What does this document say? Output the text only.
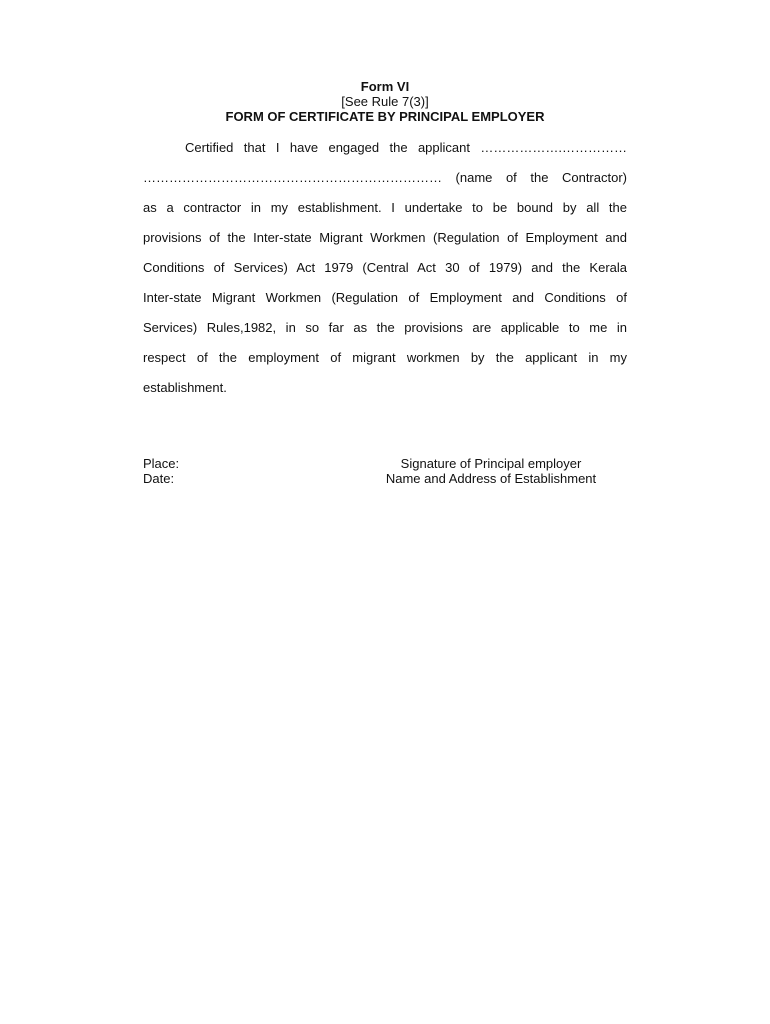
Form VI
[See Rule 7(3)]
FORM OF CERTIFICATE BY PRINCIPAL EMPLOYER
Certified that I have engaged the applicant ……………….……………
…………………………………………………………… (name of the Contractor)
as a contractor in my establishment. I undertake to be bound by all the
provisions of the Inter-state Migrant Workmen (Regulation of Employment and
Conditions of Services) Act 1979 (Central Act 30 of 1979) and the Kerala
Inter-state Migrant Workmen (Regulation of Employment and Conditions of
Services) Rules,1982, in so far as the provisions are applicable to me in
respect of the employment of migrant workmen by the applicant in my
establishment.
Place:
Date:
Signature of Principal employer
Name and Address of Establishment
